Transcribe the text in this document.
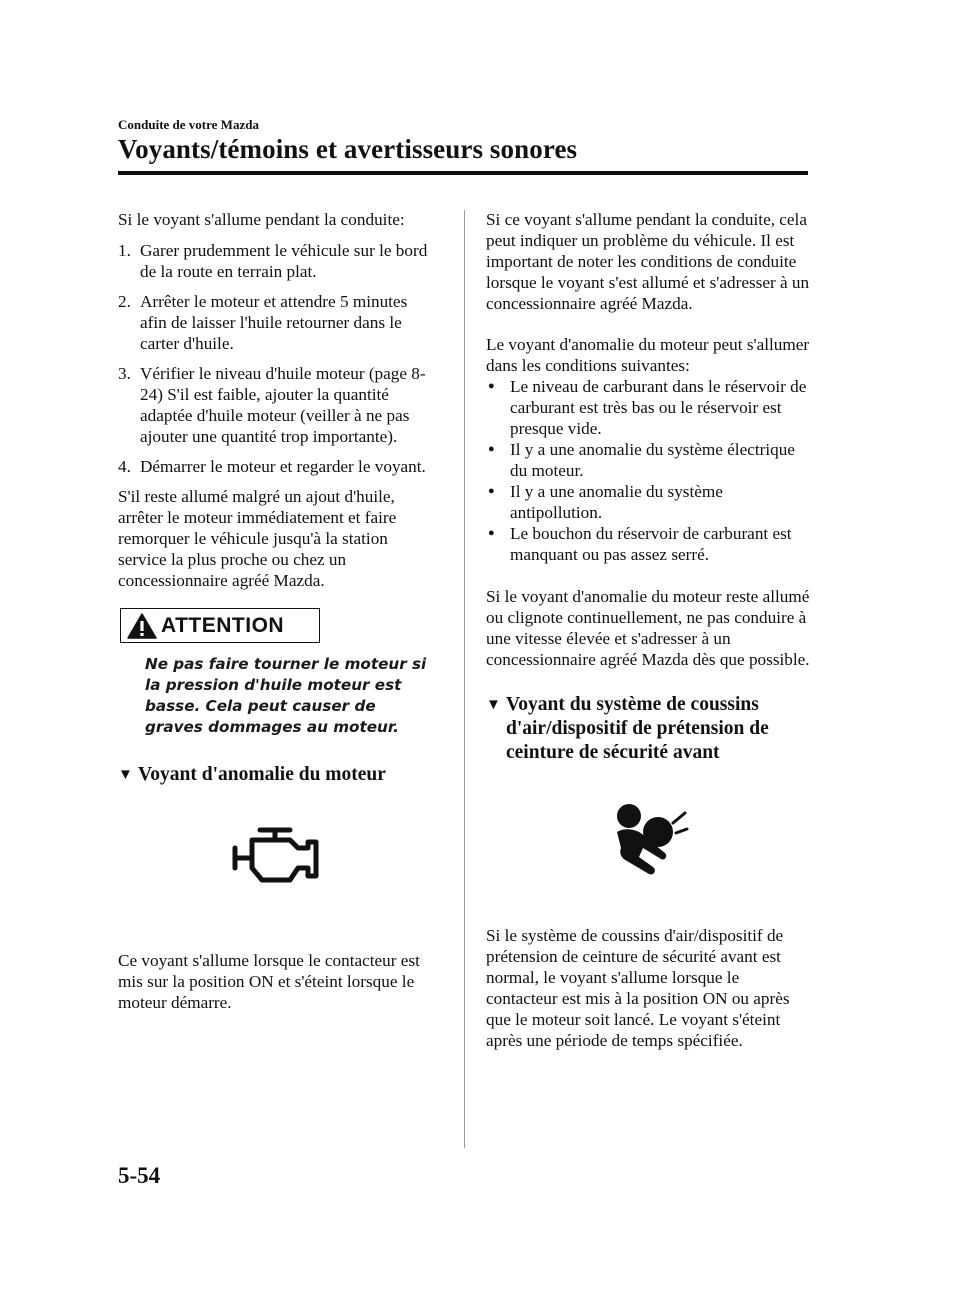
Conduite de votre Mazda
Voyants/témoins et avertisseurs sonores

Si le voyant s'allume pendant la conduite:

1. Garer prudemment le véhicule sur le bord de la route en terrain plat.
2. Arrêter le moteur et attendre 5 minutes afin de laisser l'huile retourner dans le carter d'huile.
3. Vérifier le niveau d'huile moteur (page 8-24) S'il est faible, ajouter la quantité adaptée d'huile moteur (veiller à ne pas ajouter une quantité trop importante).
4. Démarrer le moteur et regarder le voyant.

S'il reste allumé malgré un ajout d'huile, arrêter le moteur immédiatement et faire remorquer le véhicule jusqu'à la station service la plus proche ou chez un concessionnaire agréé Mazda.

ATTENTION

Ne pas faire tourner le moteur si la pression d'huile moteur est basse. Cela peut causer de graves dommages au moteur.

▼ Voyant d'anomalie du moteur

Ce voyant s'allume lorsque le contacteur est mis sur la position ON et s'éteint lorsque le moteur démarre.

Si ce voyant s'allume pendant la conduite, cela peut indiquer un problème du véhicule. Il est important de noter les conditions de conduite lorsque le voyant s'est allumé et s'adresser à un concessionnaire agréé Mazda.

Le voyant d'anomalie du moteur peut s'allumer dans les conditions suivantes:

● Le niveau de carburant dans le réservoir de carburant est très bas ou le réservoir est presque vide.
● Il y a une anomalie du système électrique du moteur.
● Il y a une anomalie du système antipollution.
● Le bouchon du réservoir de carburant est manquant ou pas assez serré.

Si le voyant d'anomalie du moteur reste allumé ou clignote continuellement, ne pas conduire à une vitesse élevée et s'adresser à un concessionnaire agréé Mazda dès que possible.

▼ Voyant du système de coussins d'air/dispositif de prétension de ceinture de sécurité avant

Si le système de coussins d'air/dispositif de prétension de ceinture de sécurité avant est normal, le voyant s'allume lorsque le contacteur est mis à la position ON ou après que le moteur soit lancé. Le voyant s'éteint après une période de temps spécifiée.

5-54
